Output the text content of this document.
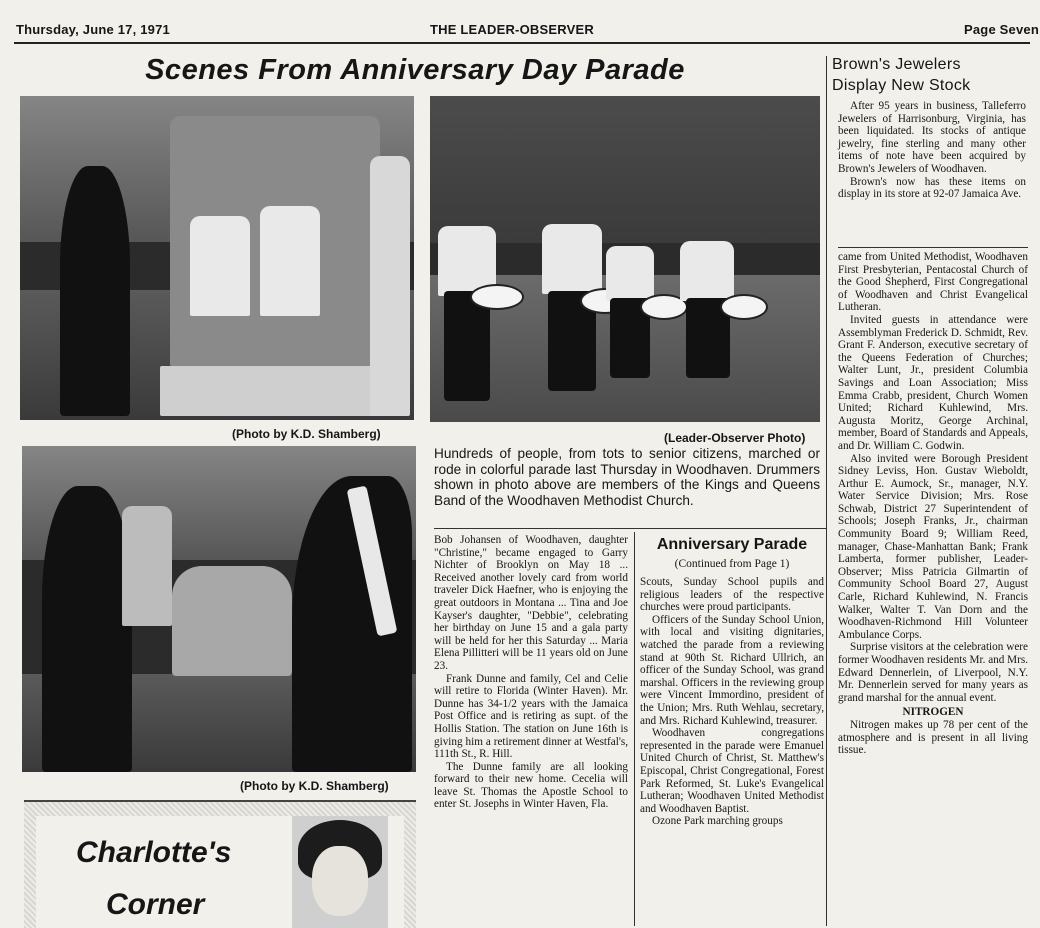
Thursday, June 17, 1971	THE LEADER-OBSERVER	Page Seven
Scenes From Anniversary Day Parade
(Photo by K.D. Shamberg)	(Leader-Observer Photo)
Hundreds of people, from tots to senior citizens, marched or rode in colorful parade last Thursday in Woodhaven. Drummers shown in photo above are members of the Kings and Queens Band of the Woodhaven Methodist Church.
(Photo by K.D. Shamberg)

Bob Johansen of Woodhaven, daughter "Christine," became engaged to Garry Nichter of Brooklyn on May 18 ... Received another lovely card from world traveler Dick Haefner, who is enjoying the great outdoors in Montana ... Tina and Joe Kayser's daughter, "Debbie", celebrating her birthday on June 15 and a gala party will be held for her this Saturday ... Maria Elena Pillitteri will be 11 years old on June 23.

Frank Dunne and family, Cel and Celie will retire to Florida (Winter Haven). Mr. Dunne has 34-1/2 years with the Jamaica Post Office and is retiring as supt. of the Hollis Station. The station on June 16th is giving him a retirement dinner at Westfal's, 111th St., R. Hill.

The Dunne family are all looking forward to their new home. Cecelia will leave St. Thomas the Apostle School to enter St. Josephs in Winter Haven, Fla.

Charlotte's
Corner
Anniversary Parade
(Continued from Page 1)

Scouts, Sunday School pupils and religious leaders of the respective churches were proud participants.

Officers of the Sunday School Union, with local and visiting dignitaries, watched the parade from a reviewing stand at 90th St. Richard Ullrich, an officer of the Sunday School, was grand marshal. Officers in the reviewing group were Vincent Immordino, president of the Union; Mrs. Ruth Wehlau, secretary, and Mrs. Richard Kuhlewind, treasurer.

Woodhaven congregations represented in the parade were Emanuel United Church of Christ, St. Matthew's Episcopal, Christ Congregational, Forest Park Reformed, St. Luke's Evangelical Lutheran; Woodhaven United Methodist and Woodhaven Baptist.

Ozone Park marching groups

Brown's Jewelers
Display New Stock

After 95 years in business, Talleferro Jewelers of Harrisonburg, Virginia, has been liquidated. Its stocks of antique jewelry, fine sterling and many other items of note have been acquired by Brown's Jewelers of Woodhaven.

Brown's now has these items on display in its store at 92-07 Jamaica Ave.

came from United Methodist, Woodhaven First Presbyterian, Pentacostal Church of the Good Shepherd, First Congregational of Woodhaven and Christ Evangelical Lutheran.

Invited guests in attendance were Assemblyman Frederick D. Schmidt, Rev. Grant F. Anderson, executive secretary of the Queens Federation of Churches; Walter Lunt, Jr., president Columbia Savings and Loan Association; Miss Emma Crabb, president, Church Women United; Richard Kuhlewind, Mrs. Augusta Moritz, George Archinal, member, Board of Standards and Appeals, and Dr. William C. Godwin.

Also invited were Borough President Sidney Leviss, Hon. Gustav Wieboldt, Arthur E. Aumock, Sr., manager, N.Y. Water Service Division; Mrs. Rose Schwab, District 27 Superintendent of Schools; Joseph Franks, Jr., chairman Community Board 9; William Reed, manager, Chase-Manhattan Bank; Frank Lamberta, former publisher, Leader-Observer; Miss Patricia Gilmartin of Community School Board 27, August Carle, Richard Kuhlewind, N. Francis Walker, Walter T. Van Dorn and the Woodhaven-Richmond Hill Volunteer Ambulance Corps.

Surprise visitors at the celebration were former Woodhaven residents Mr. and Mrs. Edward Dennerlein, of Liverpool, N.Y. Mr. Dennerlein served for many years as grand marshal for the annual event.

NITROGEN

Nitrogen makes up 78 per cent of the atmosphere and is present in all living tissue.
